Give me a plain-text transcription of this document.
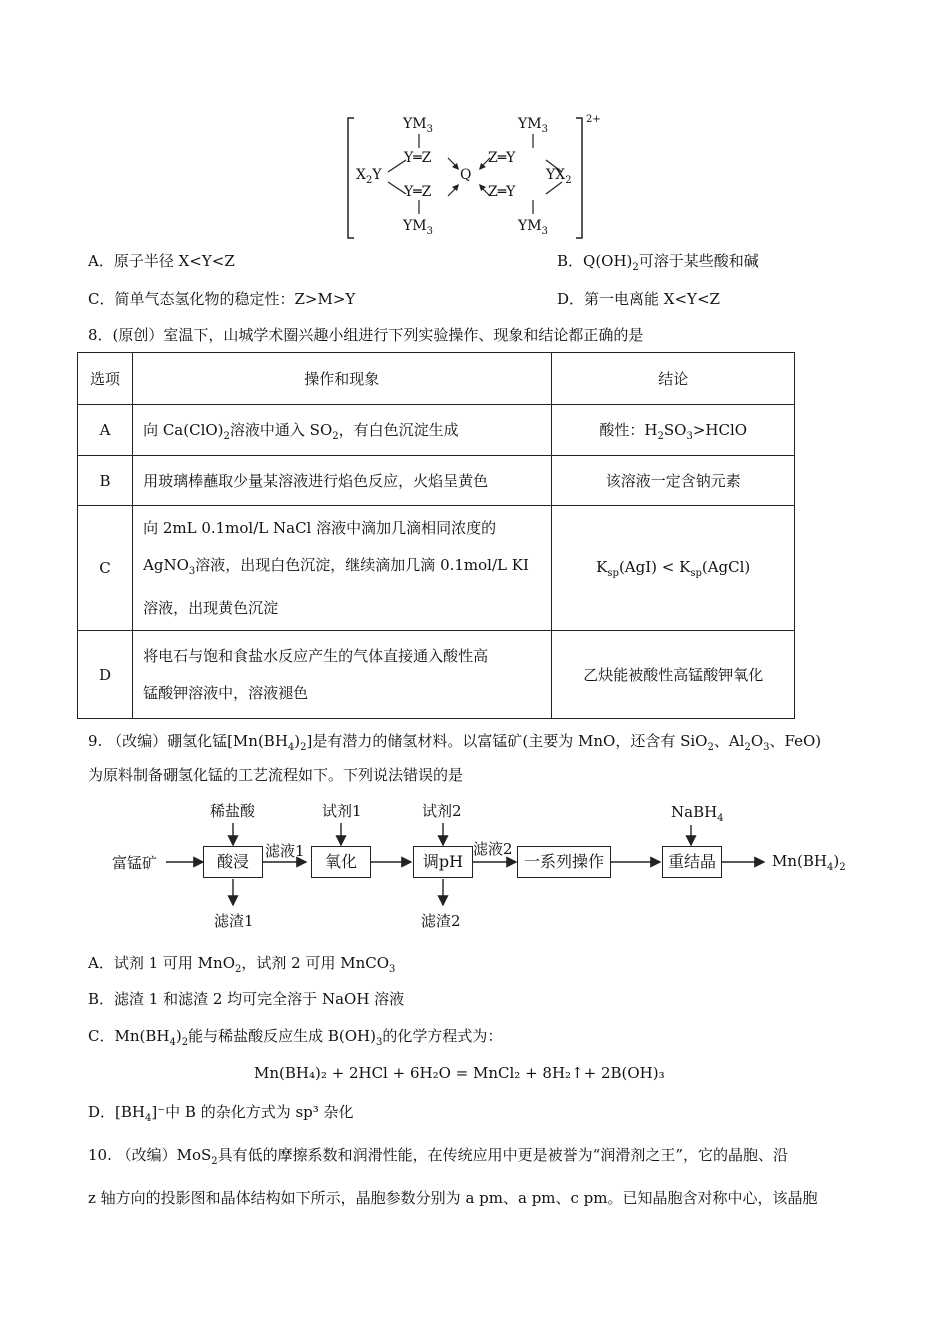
2+
$YM_3$	$YM_3$
$YM_3$	$YM_3$
Y═Z
Y═Z
Z═Y
Z═Y
Q
$X_2Y$	$YX_2$
A．原子半径 X<Y<Z	B．$Q(OH)_2$可溶于某些酸和碱
C．简单气态氢化物的稳定性：Z>M>Y	D．第一电离能 X<Y<Z
8．(原创）室温下，山城学术圈兴趣小组进行下列实验操作、现象和结论都正确的是
选项	操作和现象	结论
A	向 $Ca(ClO)_2$溶液中通入 $SO_2$，有白色沉淀生成	酸性：$H_2SO_3>HClO$
B	用玻璃棒蘸取少量某溶液进行焰色反应，火焰呈黄色	该溶液一定含钠元素
C	向 2mL 0.1mol/L NaCl 溶液中滴加几滴相同浓度的
AgNO$_3$溶液，出现白色沉淀，继续滴加几滴 0.1mol/L KI
溶液，出现黄色沉淀	$K_{sp}(AgI)$ < $K_{sp}(AgCl)$
D	将电石与饱和食盐水反应产生的气体直接通入酸性高
锰酸钾溶液中，溶液褪色	乙炔能被酸性高锰酸钾氧化
9. （改编）硼氢化锰$[Mn(BH_4)_2]$是有潜力的储氢材料。以富锰矿(主要为 MnO，还含有 SiO$_2$、$Al_2O_3$、FeO)
为原料制备硼氢化锰的工艺流程如下。下列说法错误的是
富锰矿	酸浸	氧化	调pH	一系列操作	重结晶
稀盐酸	试剂1	试剂2	NaBH$_4$
滤液1	滤液2
滤渣1	滤渣2
$Mn(BH_4)_2$
A．试剂 1 可用 MnO$_2$，试剂 2 可用 MnCO$_3$
B．滤渣 1 和滤渣 2 均可完全溶于 NaOH 溶液
C．$Mn(BH_4)_2$能与稀盐酸反应生成 $B(OH)_3$的化学方程式为：
Mn(BH₄)₂ + 2HCl + 6H₂O = MnCl₂ + 8H₂↑+ 2B(OH)₃
D．$[BH_4]^-$中 B 的杂化方式为 sp³ 杂化
10. （改编）MoS$_2$具有低的摩擦系数和润滑性能，在传统应用中更是被誉为“润滑剂之王”，它的晶胞、沿
z 轴方向的投影图和晶体结构如下所示，晶胞参数分别为 a pm、a pm、c pm。已知晶胞含对称中心，该晶胞
